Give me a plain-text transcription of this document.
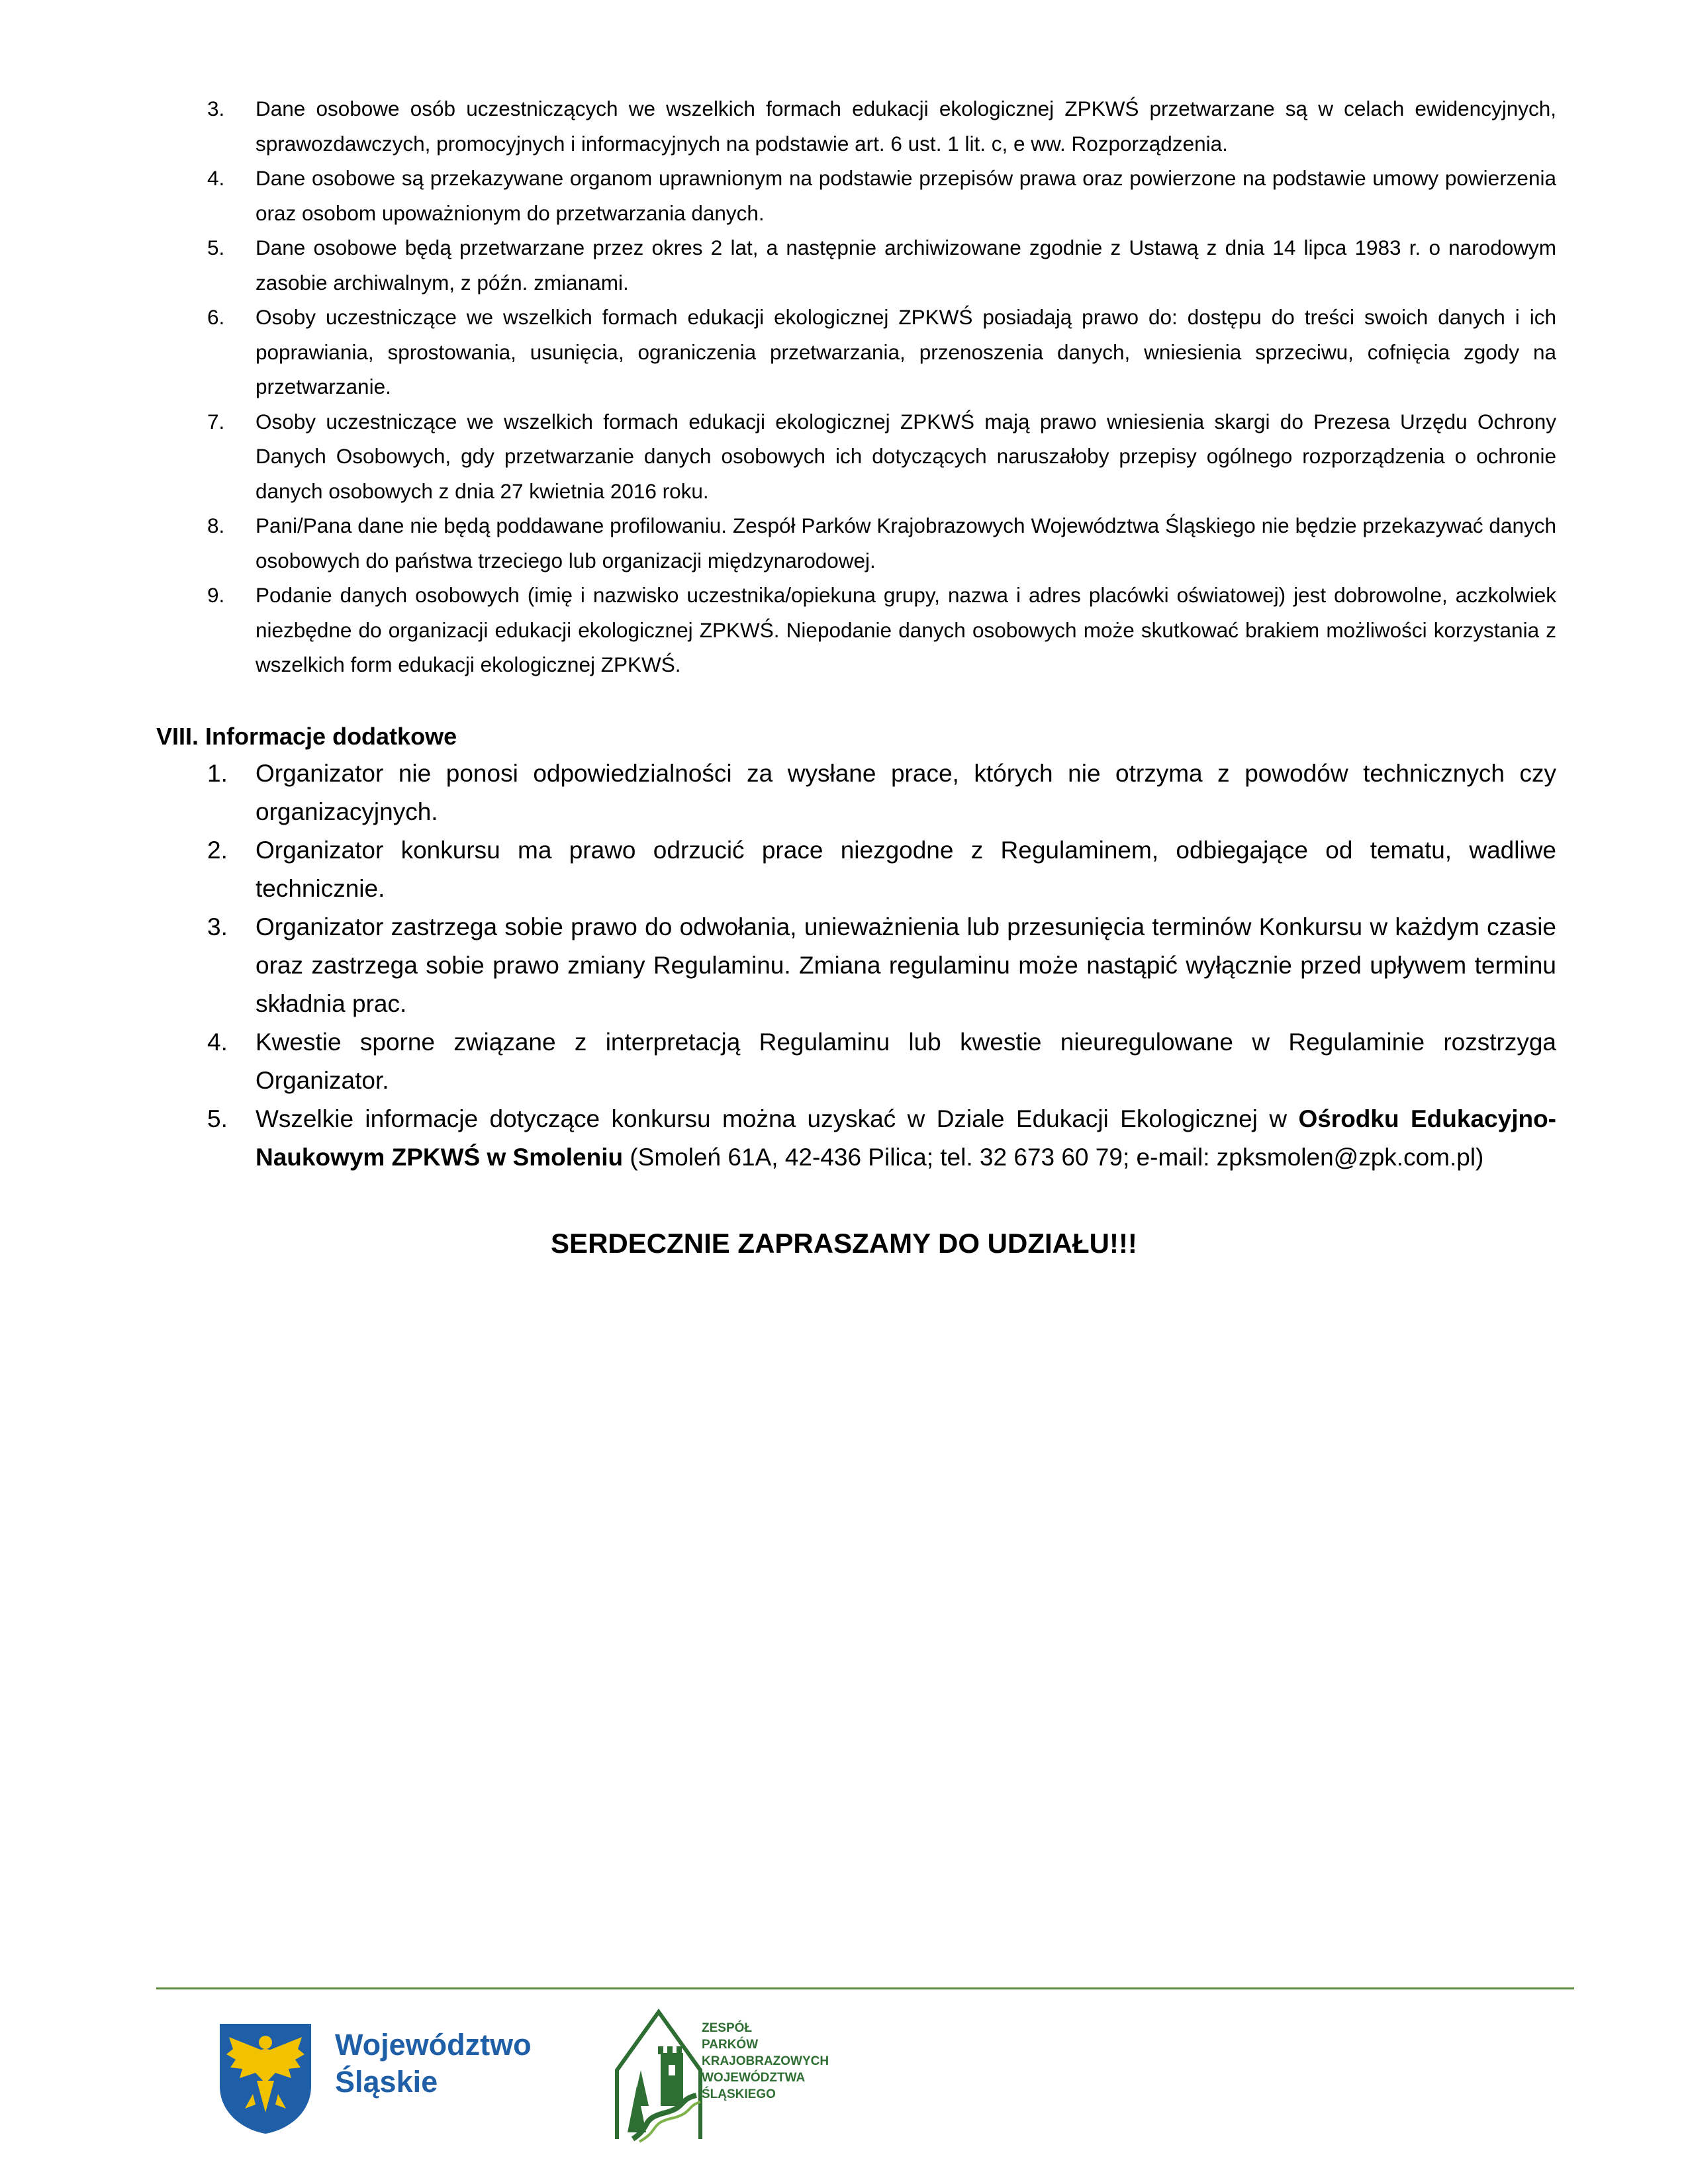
3. Dane osobowe osób uczestniczących we wszelkich formach edukacji ekologicznej ZPKWŚ przetwarzane są w celach ewidencyjnych, sprawozdawczych, promocyjnych i informacyjnych na podstawie art. 6 ust. 1 lit. c, e ww. Rozporządzenia.
4. Dane osobowe są przekazywane organom uprawnionym na podstawie przepisów prawa oraz powierzone na podstawie umowy powierzenia oraz osobom upoważnionym do przetwarzania danych.
5. Dane osobowe będą przetwarzane przez okres 2 lat, a następnie archiwizowane zgodnie z Ustawą z dnia 14 lipca 1983 r. o narodowym zasobie archiwalnym, z późn. zmianami.
6. Osoby uczestniczące we wszelkich formach edukacji ekologicznej ZPKWŚ posiadają prawo do: dostępu do treści swoich danych i ich poprawiania, sprostowania, usunięcia, ograniczenia przetwarzania, przenoszenia danych, wniesienia sprzeciwu, cofnięcia zgody na przetwarzanie.
7. Osoby uczestniczące we wszelkich formach edukacji ekologicznej ZPKWŚ mają prawo wniesienia skargi do Prezesa Urzędu Ochrony Danych Osobowych, gdy przetwarzanie danych osobowych ich dotyczących naruszałoby przepisy ogólnego rozporządzenia o ochronie danych osobowych z dnia 27 kwietnia 2016 roku.
8. Pani/Pana dane nie będą poddawane profilowaniu. Zespół Parków Krajobrazowych Województwa Śląskiego nie będzie przekazywać danych osobowych do państwa trzeciego lub organizacji międzynarodowej.
9. Podanie danych osobowych (imię i nazwisko uczestnika/opiekuna grupy, nazwa i adres placówki oświatowej) jest dobrowolne, aczkolwiek niezbędne do organizacji edukacji ekologicznej ZPKWŚ. Niepodanie danych osobowych może skutkować brakiem możliwości korzystania z wszelkich form edukacji ekologicznej ZPKWŚ.
VIII. Informacje dodatkowe
1. Organizator nie ponosi odpowiedzialności za wysłane prace, których nie otrzyma z powodów technicznych czy organizacyjnych.
2. Organizator konkursu ma prawo odrzucić prace niezgodne z Regulaminem, odbiegające od tematu, wadliwe technicznie.
3. Organizator zastrzega sobie prawo do odwołania, unieważnienia lub przesunięcia terminów Konkursu w każdym czasie oraz zastrzega sobie prawo zmiany Regulaminu. Zmiana regulaminu może nastąpić wyłącznie przed upływem terminu składnia prac.
4. Kwestie sporne związane z interpretacją Regulaminu lub kwestie nieuregulowane w Regulaminie rozstrzyga Organizator.
5. Wszelkie informacje dotyczące konkursu można uzyskać w Dziale Edukacji Ekologicznej w Ośrodku Edukacyjno-Naukowym ZPKWŚ w Smoleniu (Smoleń 61A, 42-436 Pilica; tel. 32 673 60 79; e-mail: zpksmolen@zpk.com.pl)

SERDECZNIE ZAPRASZAMY DO UDZIAŁU!!!

Województwo
Śląskie
ZESPÓŁ
PARKÓW
KRAJOBRAZOWYCH
WOJEWÓDZTWA
ŚLĄSKIEGO
